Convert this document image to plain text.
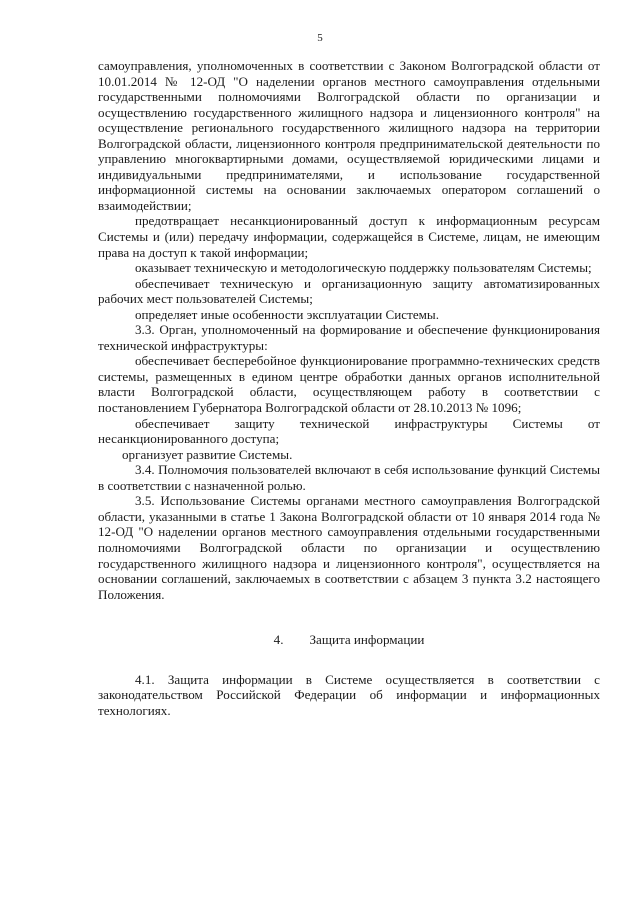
5

самоуправления, уполномоченных в соответствии с Законом Волгоградской области от 10.01.2014 № 12-ОД "О наделении органов местного самоуправления отдельными государственными полномочиями Волгоградской области по организации и осуществлению государственного жилищного надзора и лицензионного контроля" на осуществление регионального государственного жилищного надзора на территории Волгоградской области, лицензионного контроля предпринимательской деятельности по управлению многоквартирными домами, осуществляемой юридическими лицами и индивидуальными предпринимателями, и использование государственной информационной системы на основании заключаемых оператором соглашений о взаимодействии;

предотвращает несанкционированный доступ к информационным ресурсам Системы и (или) передачу информации, содержащейся в Системе, лицам, не имеющим права на доступ к такой информации;

оказывает техническую и методологическую поддержку пользователям Системы;

обеспечивает техническую и организационную защиту автоматизированных рабочих мест пользователей Системы;

определяет иные особенности эксплуатации Системы.

3.3. Орган, уполномоченный на формирование и обеспечение функционирования технической инфраструктуры:

обеспечивает бесперебойное функционирование программно-технических средств системы, размещенных в едином центре обработки данных органов исполнительной власти Волгоградской области, осуществляющем работу в соответствии с постановлением Губернатора Волгоградской области от 28.10.2013 № 1096;

обеспечивает защиту технической инфраструктуры Системы от несанкционированного доступа;

организует развитие Системы.

3.4. Полномочия пользователей включают в себя использование функций Системы в соответствии с назначенной ролью.

3.5. Использование Системы органами местного самоуправления Волгоградской области, указанными в статье 1 Закона Волгоградской области от 10 января 2014 года № 12-ОД "О наделении органов местного самоуправления отдельными государственными полномочиями Волгоградской области по организации и осуществлению государственного жилищного надзора и лицензионного контроля", осуществляется на основании соглашений, заключаемых в соответствии с абзацем 3 пункта 3.2 настоящего Положения.

4. Защита информации

4.1. Защита информации в Системе осуществляется в соответствии с законодательством Российской Федерации об информации и информационных технологиях.
